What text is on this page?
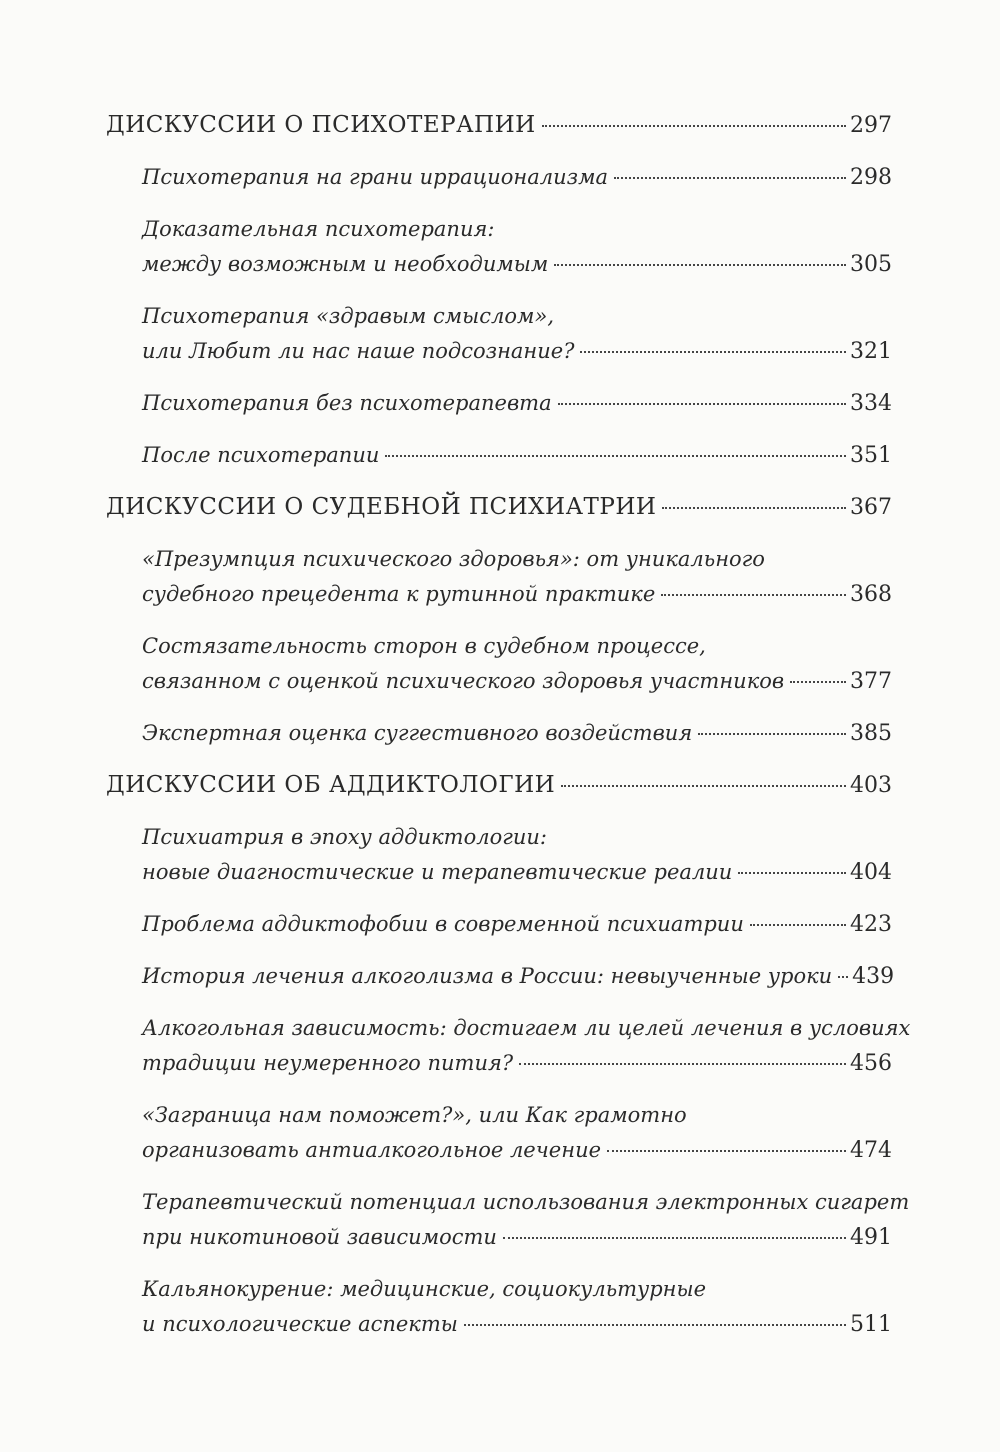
ДИСКУССИИ О ПСИХОТЕРАПИИ	297
Психотерапия на грани иррационализма	298
Доказательная психотерапия:
между возможным и необходимым	305
Психотерапия «здравым смыслом»,
или Любит ли нас наше подсознание?	321
Психотерапия без психотерапевта	334
После психотерапии	351
ДИСКУССИИ О СУДЕБНОЙ ПСИХИАТРИИ	367
«Презумпция психического здоровья»: от уникального
судебного прецедента к рутинной практике	368
Состязательность сторон в судебном процессе,
связанном с оценкой психического здоровья участников	377
Экспертная оценка суггестивного воздействия	385
ДИСКУССИИ ОБ АДДИКТОЛОГИИ	403
Психиатрия в эпоху аддиктологии:
новые диагностические и терапевтические реалии	404
Проблема аддиктофобии в современной психиатрии	423
История лечения алкоголизма в России: невыученные уроки 439
Алкогольная зависимость: достигаем ли целей лечения в условиях
традиции неумеренного пития?	456
«Заграница нам поможет?», или Как грамотно
организовать антиалкогольное лечение	474
Терапевтический потенциал использования электронных сигарет
при никотиновой зависимости	491
Кальянокурение: медицинские, социокультурные
и психологические аспекты	511
